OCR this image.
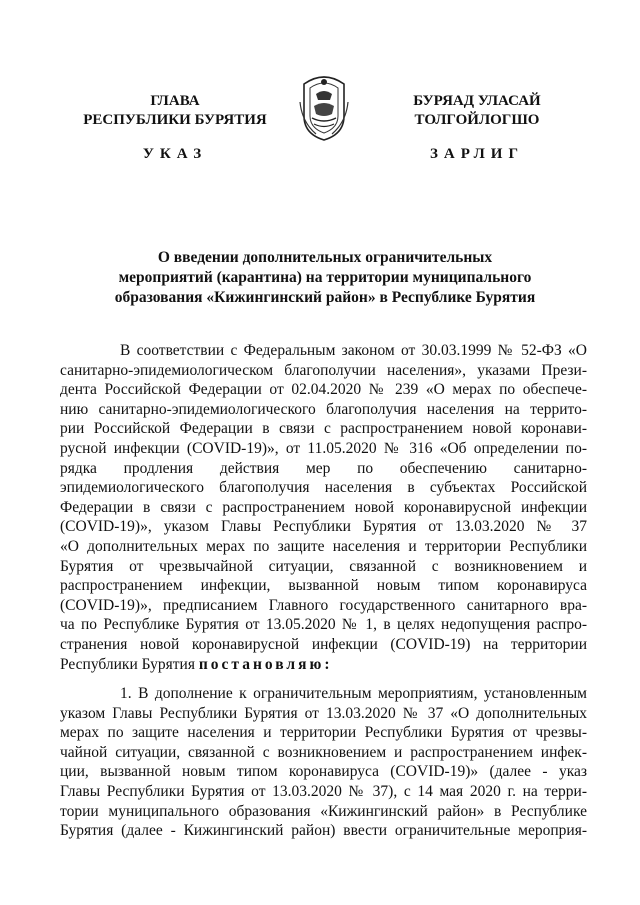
ГЛАВА
РЕСПУБЛИКИ БУРЯТИЯ
УКАЗ
БУРЯАД УЛАСАЙ
ТОЛГОЙЛОГШО
ЗАРЛИГ
О введении дополнительных ограничительных
мероприятий (карантина) на территории муниципального
образования «Кижингинский район» в Республике Бурятия
В соответствии с Федеральным законом от 30.03.1999 № 52-ФЗ «О
санитарно-эпидемиологическом благополучии населения», указами Прези-
дента Российской Федерации от 02.04.2020 № 239 «О мерах по обеспече-
нию санитарно-эпидемиологического благополучия населения на террито-
рии Российской Федерации в связи с распространением новой коронави-
русной инфекции (COVID-19)», от 11.05.2020 № 316 «Об определении по-
рядка продления действия мер по обеспечению санитарно-
эпидемиологического благополучия населения в субъектах Российской
Федерации в связи с распространением новой коронавирусной инфекции
(COVID-19)», указом Главы Республики Бурятия от 13.03.2020 № 37
«О дополнительных мерах по защите населения и территории Республики
Бурятия от чрезвычайной ситуации, связанной с возникновением и
распространением инфекции, вызванной новым типом коронавируса
(COVID-19)», предписанием Главного государственного санитарного вра-
ча по Республике Бурятия от 13.05.2020 № 1, в целях недопущения распро-
странения новой коронавирусной инфекции (COVID-19) на территории
Республики Бурятия постановляю:
1. В дополнение к ограничительным мероприятиям, установленным
указом Главы Республики Бурятия от 13.03.2020 № 37 «О дополнительных
мерах по защите населения и территории Республики Бурятия от чрезвы-
чайной ситуации, связанной с возникновением и распространением инфек-
ции, вызванной новым типом коронавируса (COVID-19)» (далее - указ
Главы Республики Бурятия от 13.03.2020 № 37), с 14 мая 2020 г. на терри-
тории муниципального образования «Кижингинский район» в Республике
Бурятия (далее - Кижингинский район) ввести ограничительные мероприя-
